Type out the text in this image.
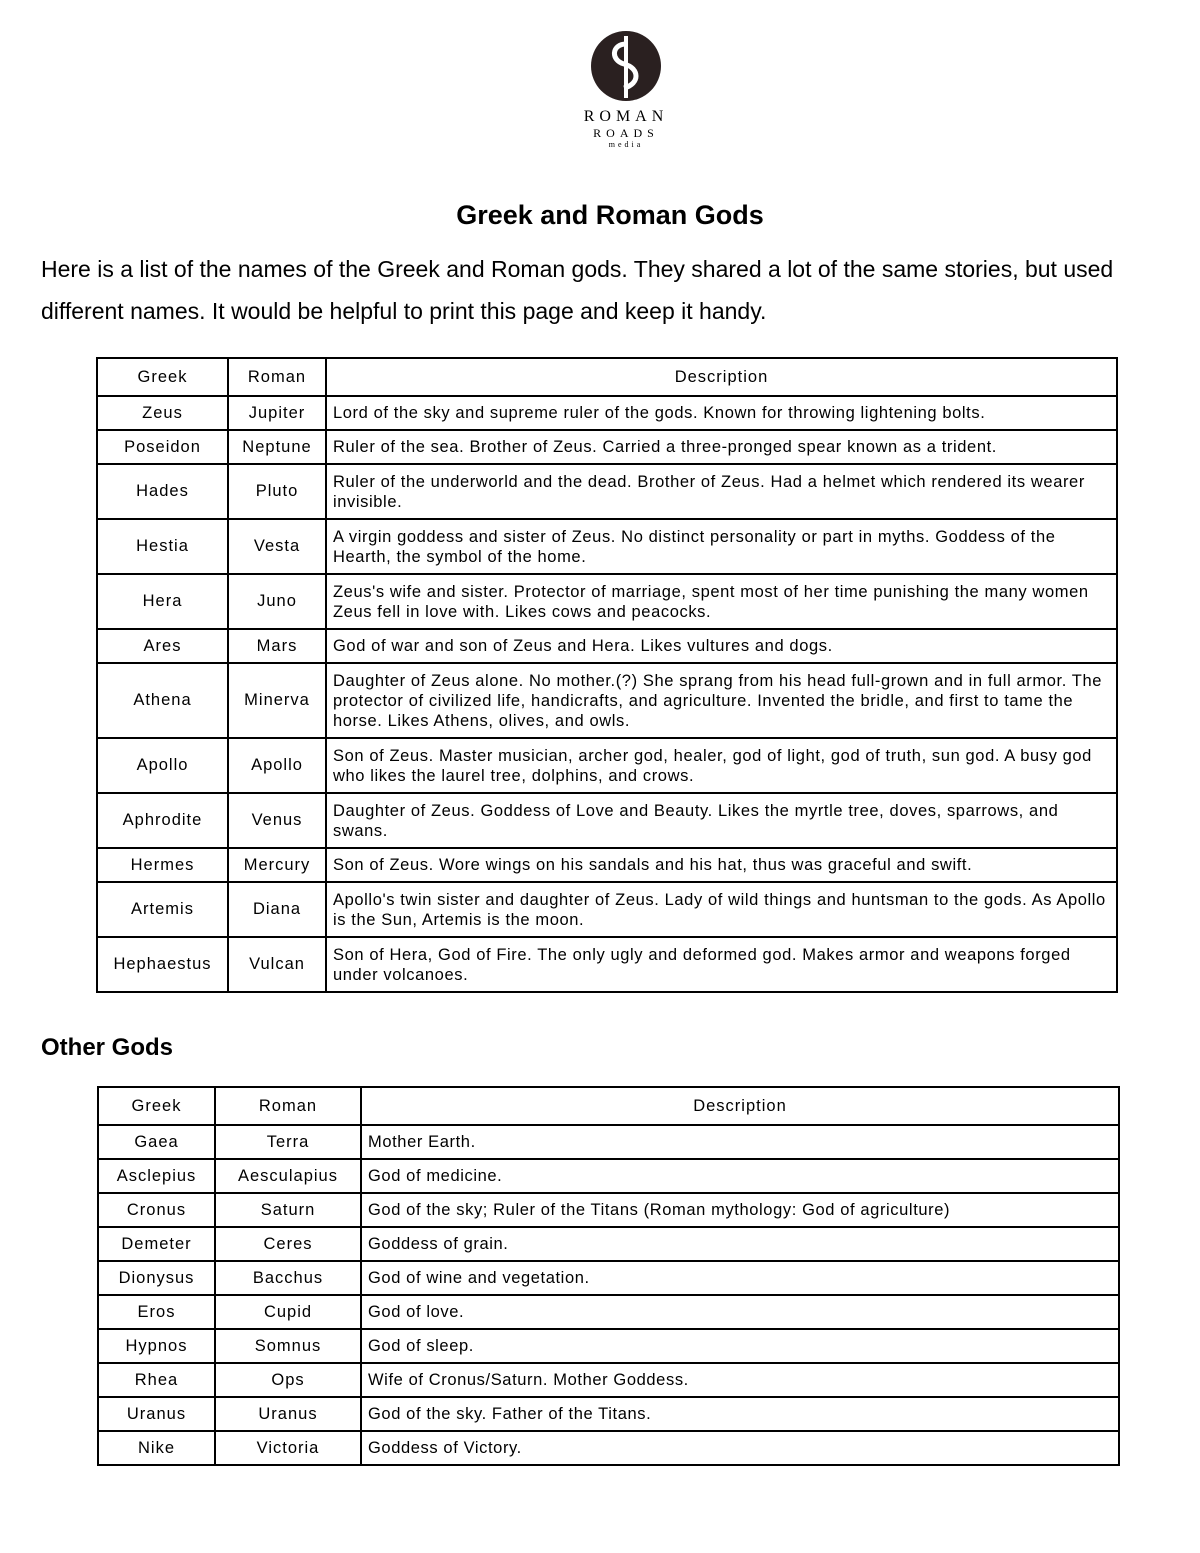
ROMAN
ROADS
media
Greek and Roman Gods

Here is a list of the names of the Greek and Roman gods. They shared a lot of the same stories, but used different names. It would be helpful to print this page and keep it handy.

Greek	Roman	Description
Zeus	Jupiter	Lord of the sky and supreme ruler of the gods. Known for throwing lightening bolts.
Poseidon	Neptune	Ruler of the sea. Brother of Zeus. Carried a three-pronged spear known as a trident.
Hades	Pluto	Ruler of the underworld and the dead. Brother of Zeus. Had a helmet which rendered its wearer invisible.
Hestia	Vesta	A virgin goddess and sister of Zeus. No distinct personality or part in myths. Goddess of the Hearth, the symbol of the home.
Hera	Juno	Zeus's wife and sister. Protector of marriage, spent most of her time punishing the many women Zeus fell in love with. Likes cows and peacocks.
Ares	Mars	God of war and son of Zeus and Hera. Likes vultures and dogs.
Athena	Minerva	Daughter of Zeus alone. No mother.(?) She sprang from his head full-grown and in full armor. The protector of civilized life, handicrafts, and agriculture. Invented the bridle, and first to tame the horse. Likes Athens, olives, and owls.
Apollo	Apollo	Son of Zeus. Master musician, archer god, healer, god of light, god of truth, sun god. A busy god who likes the laurel tree, dolphins, and crows.
Aphrodite	Venus	Daughter of Zeus. Goddess of Love and Beauty. Likes the myrtle tree, doves, sparrows, and swans.
Hermes	Mercury	Son of Zeus. Wore wings on his sandals and his hat, thus was graceful and swift.
Artemis	Diana	Apollo's twin sister and daughter of Zeus. Lady of wild things and huntsman to the gods. As Apollo is the Sun, Artemis is the moon.
Hephaestus	Vulcan	Son of Hera, God of Fire. The only ugly and deformed god. Makes armor and weapons forged under volcanoes.
Other Gods
Greek	Roman	Description
Gaea	Terra	Mother Earth.
Asclepius	Aesculapius	God of medicine.
Cronus	Saturn	God of the sky; Ruler of the Titans (Roman mythology: God of agriculture)
Demeter	Ceres	Goddess of grain.
Dionysus	Bacchus	God of wine and vegetation.
Eros	Cupid	God of love.
Hypnos	Somnus	God of sleep.
Rhea	Ops	Wife of Cronus/Saturn. Mother Goddess.
Uranus	Uranus	God of the sky. Father of the Titans.
Nike	Victoria	Goddess of Victory.
